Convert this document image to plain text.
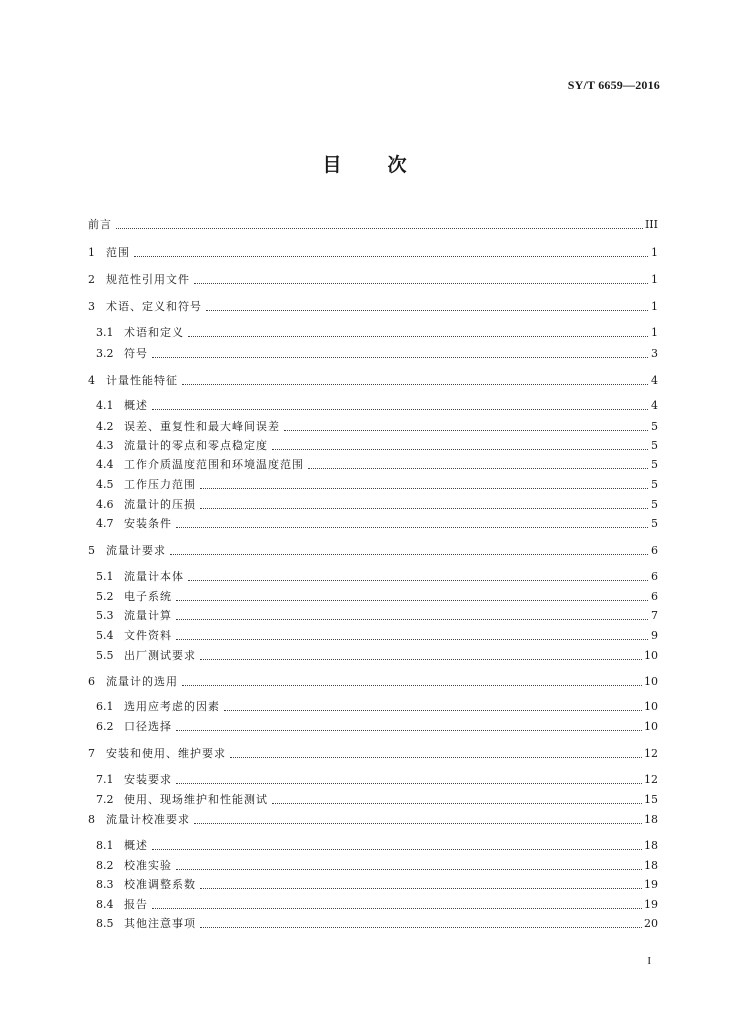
SY/T 6659—2016
目 次
前言	III
1	范围	1
2	规范性引用文件	1
3	术语、定义和符号	1
3.1 术语和定义	1
3.2 符号	3
4	计量性能特征	4
4.1 概述	4
4.2 误差、重复性和最大峰间误差	5
4.3 流量计的零点和零点稳定度	5
4.4 工作介质温度范围和环境温度范围	5
4.5 工作压力范围	5
4.6 流量计的压损	5
4.7 安装条件	5
5	流量计要求	6
5.1 流量计本体	6
5.2 电子系统	6
5.3 流量计算	7
5.4 文件资料	9
5.5 出厂测试要求	10
6	流量计的选用	10
6.1 选用应考虑的因素	10
6.2 口径选择	10
7	安装和使用、维护要求	12
7.1 安装要求	12
7.2 使用、现场维护和性能测试	15
8	流量计校准要求	18
8.1 概述	18
8.2 校准实验	18
8.3 校准调整系数	19
8.4 报告	19
8.5 其他注意事项	20
I
